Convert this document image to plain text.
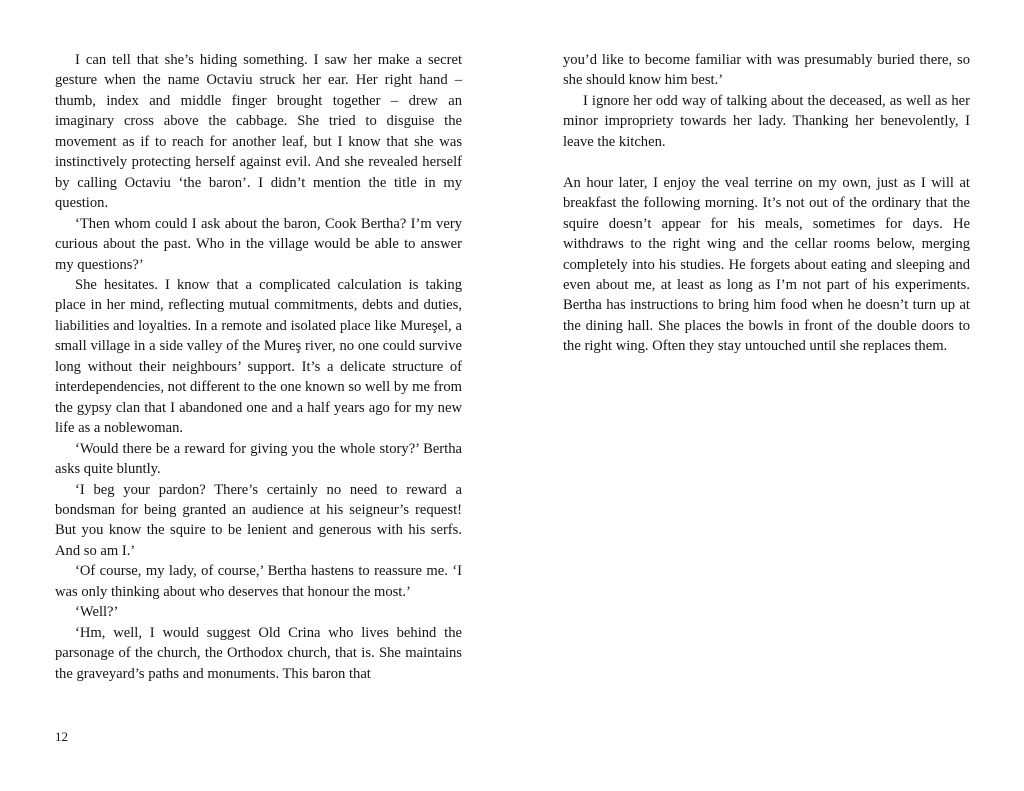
I can tell that she’s hiding something. I saw her make a secret gesture when the name Octaviu struck her ear. Her right hand – thumb, index and middle finger brought together – drew an imaginary cross above the cabbage. She tried to disguise the movement as if to reach for another leaf, but I know that she was instinctively protecting herself against evil. And she revealed herself by calling Octaviu ‘the baron’. I didn’t mention the title in my question.

‘Then whom could I ask about the baron, Cook Bertha? I’m very curious about the past. Who in the village would be able to answer my questions?’

She hesitates. I know that a complicated calculation is taking place in her mind, reflecting mutual commitments, debts and duties, liabilities and loyalties. In a remote and isolated place like Mureşel, a small village in a side valley of the Mureş river, no one could survive long without their neighbours’ support. It’s a delicate structure of interdependencies, not different to the one known so well by me from the gypsy clan that I abandoned one and a half years ago for my new life as a noblewoman.

‘Would there be a reward for giving you the whole story?’ Bertha asks quite bluntly.

‘I beg your pardon? There’s certainly no need to reward a bondsman for being granted an audience at his seigneur’s request! But you know the squire to be lenient and generous with his serfs. And so am I.’

‘Of course, my lady, of course,’ Bertha hastens to reassure me. ‘I was only thinking about who deserves that honour the most.’

‘Well?’

‘Hm, well, I would suggest Old Crina who lives behind the parsonage of the church, the Orthodox church, that is. She maintains the graveyard’s paths and monuments. This baron that

12

you’d like to become familiar with was presumably buried there, so she should know him best.’

I ignore her odd way of talking about the deceased, as well as her minor impropriety towards her lady. Thanking her benevolently, I leave the kitchen.

An hour later, I enjoy the veal terrine on my own, just as I will at breakfast the following morning. It’s not out of the ordinary that the squire doesn’t appear for his meals, sometimes for days. He withdraws to the right wing and the cellar rooms below, merging completely into his studies. He forgets about eating and sleeping and even about me, at least as long as I’m not part of his experiments. Bertha has instructions to bring him food when he doesn’t turn up at the dining hall. She places the bowls in front of the double doors to the right wing. Often they stay untouched until she replaces them.
